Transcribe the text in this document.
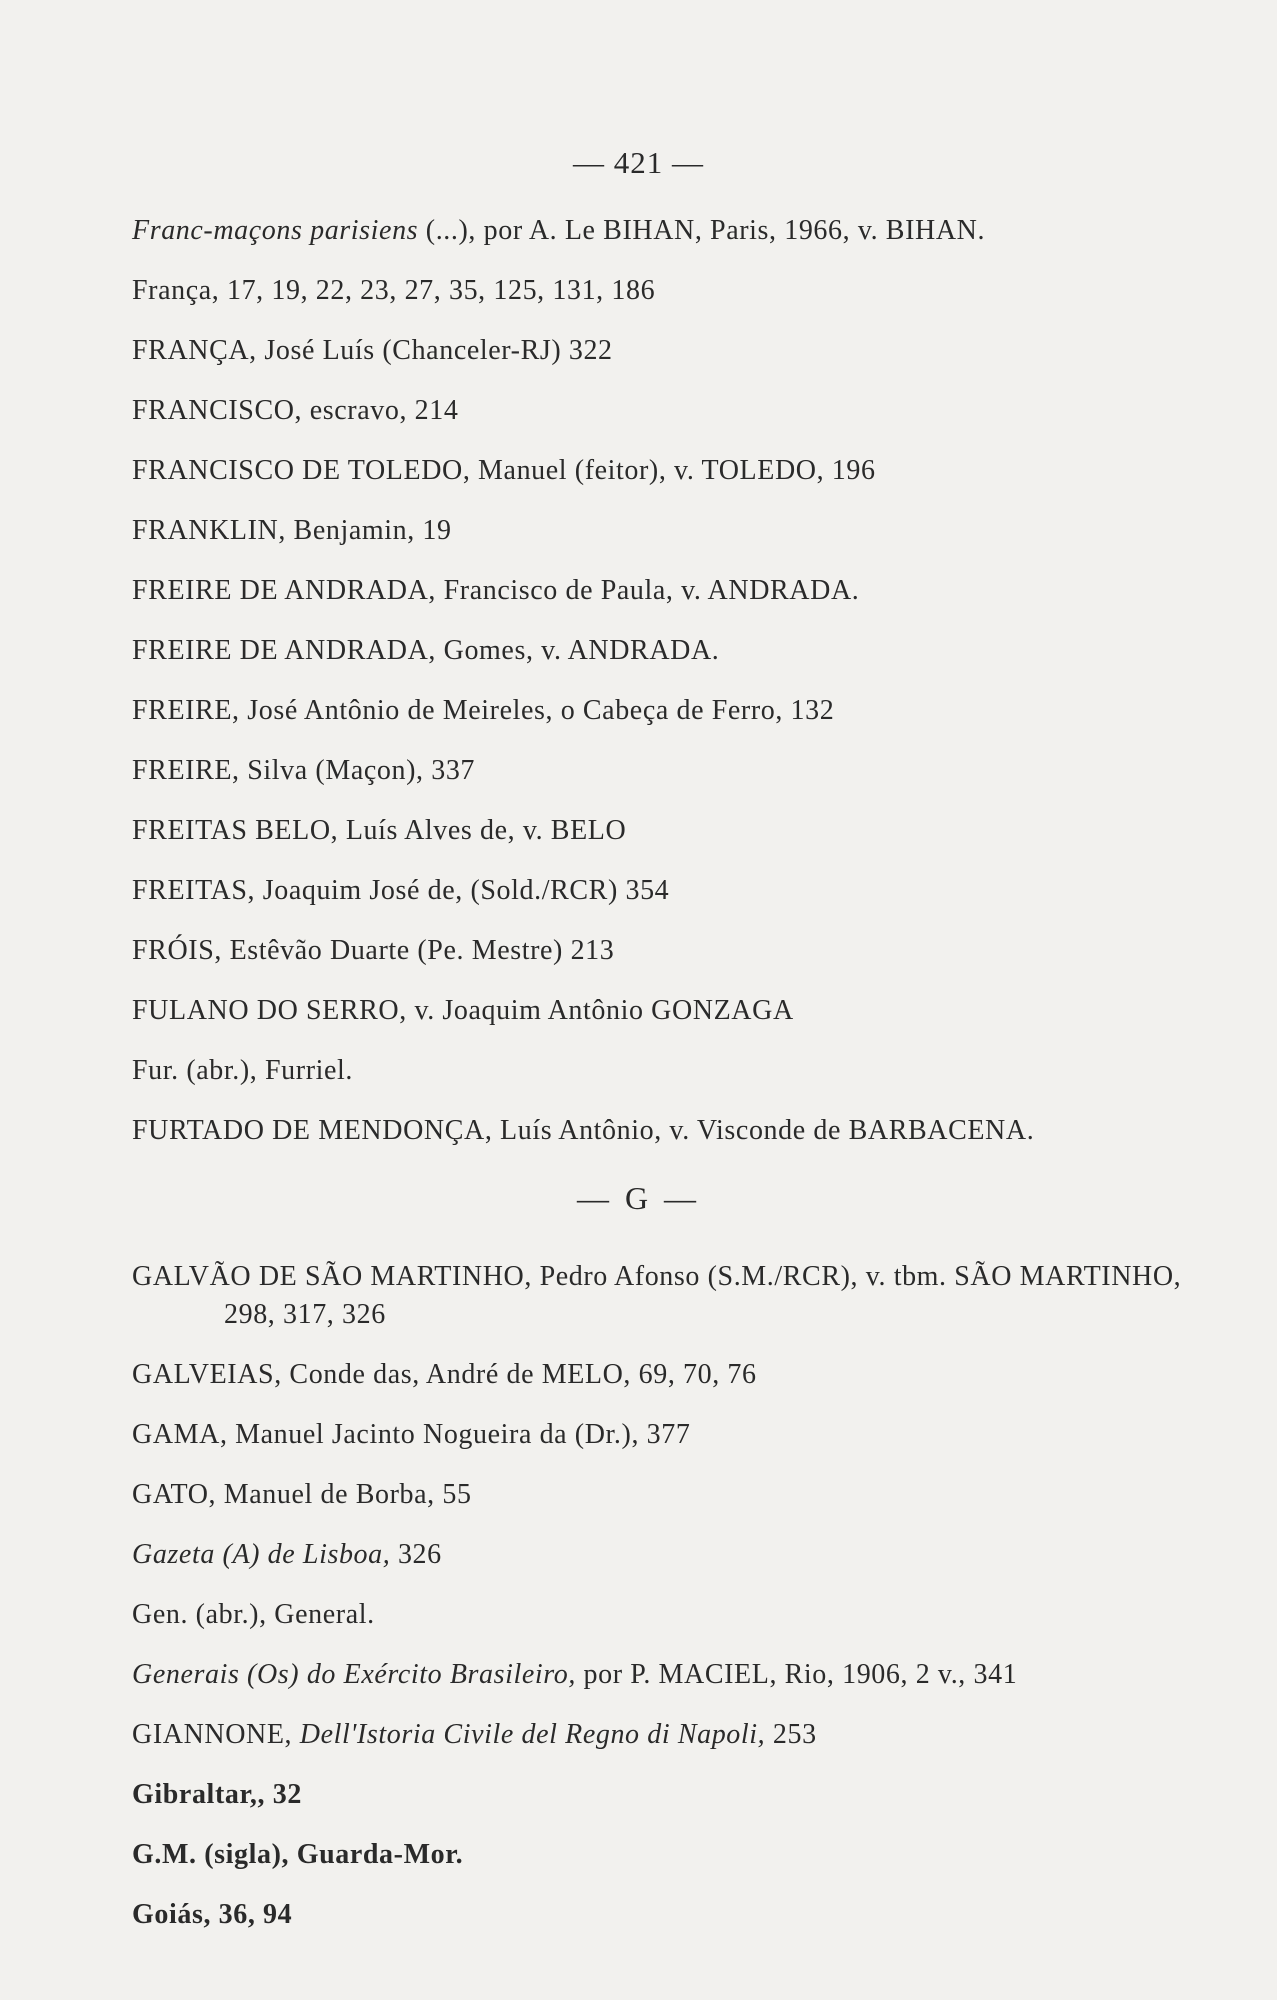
— 421 —

Franc-maçons parisiens (...), por A. Le BIHAN, Paris, 1966, v. BIHAN.

França, 17, 19, 22, 23, 27, 35, 125, 131, 186

FRANÇA, José Luís (Chanceler-RJ) 322

FRANCISCO, escravo, 214

FRANCISCO DE TOLEDO, Manuel (feitor), v. TOLEDO, 196

FRANKLIN, Benjamin, 19

FREIRE DE ANDRADA, Francisco de Paula, v. ANDRADA.

FREIRE DE ANDRADA, Gomes, v. ANDRADA.

FREIRE, José Antônio de Meireles, o Cabeça de Ferro, 132

FREIRE, Silva (Maçon), 337

FREITAS BELO, Luís Alves de, v. BELO

FREITAS, Joaquim José de, (Sold./RCR) 354

FRÓIS, Estêvão Duarte (Pe. Mestre) 213

FULANO DO SERRO, v. Joaquim Antônio GONZAGA

Fur. (abr.), Furriel.

FURTADO DE MENDONÇA, Luís Antônio, v. Visconde de BARBACENA.

— G —

GALVÃO DE SÃO MARTINHO, Pedro Afonso (S.M./RCR), v. tbm. SÃO MARTINHO, 298, 317, 326

GALVEIAS, Conde das, André de MELO, 69, 70, 76

GAMA, Manuel Jacinto Nogueira da (Dr.), 377

GATO, Manuel de Borba, 55

Gazeta (A) de Lisboa, 326

Gen. (abr.), General.

Generais (Os) do Exército Brasileiro, por P. MACIEL, Rio, 1906, 2 v., 341

GIANNONE, Dell'Istoria Civile del Regno di Napoli, 253

Gibraltar,, 32

G.M. (sigla), Guarda-Mor.

Goiás, 36, 94
